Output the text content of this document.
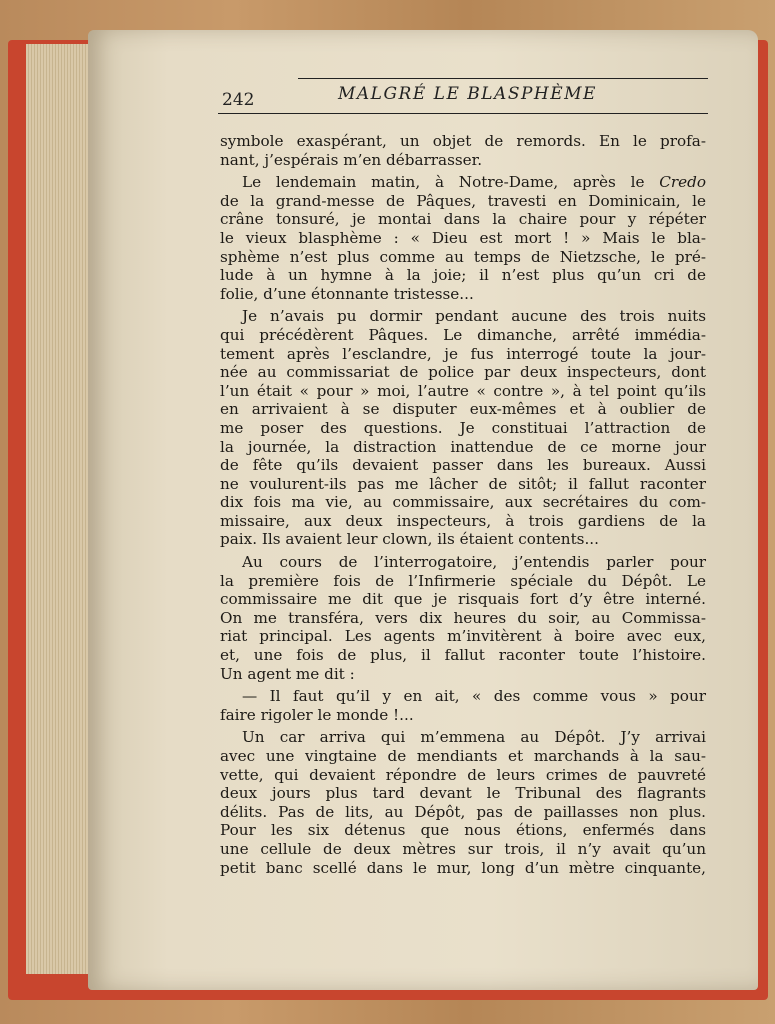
242	MALGRÉ LE BLASPHÈME
symbole exaspérant, un objet de remords. En le profa-
nant, j’espérais m’en débarrasser.
Le lendemain matin, à Notre-Dame, après le Credo
de la grand-messe de Pâques, travesti en Dominicain, le
crâne tonsuré, je montai dans la chaire pour y répéter
le vieux blasphème : « Dieu est mort ! » Mais le bla-
sphème n’est plus comme au temps de Nietzsche, le pré-
lude à un hymne à la joie; il n’est plus qu’un cri de
folie, d’une étonnante tristesse...
Je n’avais pu dormir pendant aucune des trois nuits
qui précédèrent Pâques. Le dimanche, arrêté immédia-
tement après l’esclandre, je fus interrogé toute la jour-
née au commissariat de police par deux inspecteurs, dont
l’un était « pour » moi, l’autre « contre », à tel point qu’ils
en arrivaient à se disputer eux-mêmes et à oublier de
me poser des questions. Je constituai l’attraction de
la journée, la distraction inattendue de ce morne jour
de fête qu’ils devaient passer dans les bureaux. Aussi
ne voulurent-ils pas me lâcher de sitôt; il fallut raconter
dix fois ma vie, au commissaire, aux secrétaires du com-
missaire, aux deux inspecteurs, à trois gardiens de la
paix. Ils avaient leur clown, ils étaient contents...
Au cours de l’interrogatoire, j’entendis parler pour
la première fois de l’Infirmerie spéciale du Dépôt. Le
commissaire me dit que je risquais fort d’y être interné.
On me transféra, vers dix heures du soir, au Commissa-
riat principal. Les agents m’invitèrent à boire avec eux,
et, une fois de plus, il fallut raconter toute l’histoire.
Un agent me dit :
— Il faut qu’il y en ait, « des comme vous » pour
faire rigoler le monde !...
Un car arriva qui m’emmena au Dépôt. J’y arrivai
avec une vingtaine de mendiants et marchands à la sau-
vette, qui devaient répondre de leurs crimes de pauvreté
deux jours plus tard devant le Tribunal des flagrants
délits. Pas de lits, au Dépôt, pas de paillasses non plus.
Pour les six détenus que nous étions, enfermés dans
une cellule de deux mètres sur trois, il n’y avait qu’un
petit banc scellé dans le mur, long d’un mètre cinquante,
